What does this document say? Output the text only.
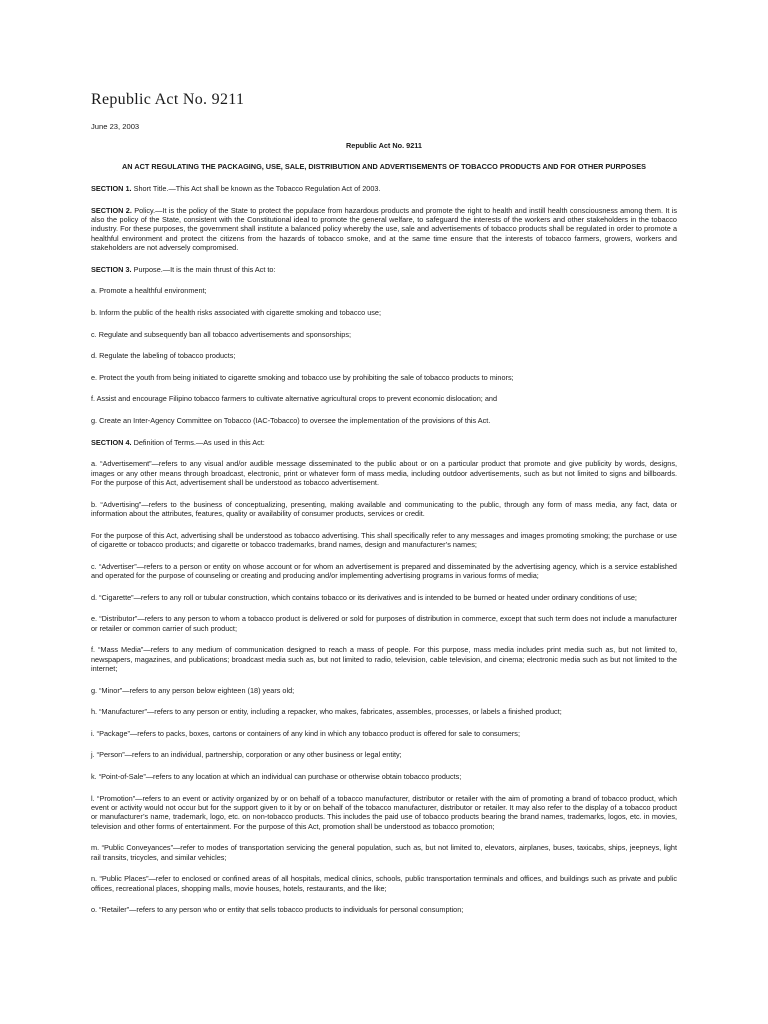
Republic Act No. 9211
June 23, 2003

Republic Act No. 9211

AN ACT REGULATING THE PACKAGING, USE, SALE, DISTRIBUTION AND ADVERTISEMENTS OF TOBACCO PRODUCTS AND FOR OTHER PURPOSES

SECTION 1. Short Title.—This Act shall be known as the Tobacco Regulation Act of 2003.

SECTION 2. Policy.—It is the policy of the State to protect the populace from hazardous products and promote the right to health and instill health consciousness among them. It is also the policy of the State, consistent with the Constitutional ideal to promote the general welfare, to safeguard the interests of the workers and other stakeholders in the tobacco industry. For these purposes, the government shall institute a balanced policy whereby the use, sale and advertisements of tobacco products shall be regulated in order to promote a healthful environment and protect the citizens from the hazards of tobacco smoke, and at the same time ensure that the interests of tobacco farmers, growers, workers and stakeholders are not adversely compromised.

SECTION 3. Purpose.—It is the main thrust of this Act to:

a. Promote a healthful environment;

b. Inform the public of the health risks associated with cigarette smoking and tobacco use;

c. Regulate and subsequently ban all tobacco advertisements and sponsorships;

d. Regulate the labeling of tobacco products;

e. Protect the youth from being initiated to cigarette smoking and tobacco use by prohibiting the sale of tobacco products to minors;

f. Assist and encourage Filipino tobacco farmers to cultivate alternative agricultural crops to prevent economic dislocation; and

g. Create an Inter-Agency Committee on Tobacco (IAC-Tobacco) to oversee the implementation of the provisions of this Act.

SECTION 4. Definition of Terms.—As used in this Act:

a. “Advertisement”—refers to any visual and/or audible message disseminated to the public about or on a particular product that promote and give publicity by words, designs, images or any other means through broadcast, electronic, print or whatever form of mass media, including outdoor advertisements, such as but not limited to signs and billboards. For the purpose of this Act, advertisement shall be understood as tobacco advertisement.

b. “Advertising”—refers to the business of conceptualizing, presenting, making available and communicating to the public, through any form of mass media, any fact, data or information about the attributes, features, quality or availability of consumer products, services or credit.

For the purpose of this Act, advertising shall be understood as tobacco advertising. This shall specifically refer to any messages and images promoting smoking; the purchase or use of cigarette or tobacco products; and cigarette or tobacco trademarks, brand names, design and manufacturer’s names;

c. “Advertiser”—refers to a person or entity on whose account or for whom an advertisement is prepared and disseminated by the advertising agency, which is a service established and operated for the purpose of counseling or creating and producing and/or implementing advertising programs in various forms of media;

d. “Cigarette”—refers to any roll or tubular construction, which contains tobacco or its derivatives and is intended to be burned or heated under ordinary conditions of use;

e. “Distributor”—refers to any person to whom a tobacco product is delivered or sold for purposes of distribution in commerce, except that such term does not include a manufacturer or retailer or common carrier of such product;

f. “Mass Media”—refers to any medium of communication designed to reach a mass of people. For this purpose, mass media includes print media such as, but not limited to, newspapers, magazines, and publications; broadcast media such as, but not limited to radio, television, cable television, and cinema; electronic media such as but not limited to the internet;

g. “Minor”—refers to any person below eighteen (18) years old;

h. “Manufacturer”—refers to any person or entity, including a repacker, who makes, fabricates, assembles, processes, or labels a finished product;

i. “Package”—refers to packs, boxes, cartons or containers of any kind in which any tobacco product is offered for sale to consumers;

j. “Person”—refers to an individual, partnership, corporation or any other business or legal entity;

k. “Point-of-Sale”—refers to any location at which an individual can purchase or otherwise obtain tobacco products;

l. “Promotion”—refers to an event or activity organized by or on behalf of a tobacco manufacturer, distributor or retailer with the aim of promoting a brand of tobacco product, which event or activity would not occur but for the support given to it by or on behalf of the tobacco manufacturer, distributor or retailer. It may also refer to the display of a tobacco product or manufacturer’s name, trademark, logo, etc. on non-tobacco products. This includes the paid use of tobacco products bearing the brand names, trademarks, logos, etc. in movies, television and other forms of entertainment. For the purpose of this Act, promotion shall be understood as tobacco promotion;

m. “Public Conveyances”—refer to modes of transportation servicing the general population, such as, but not limited to, elevators, airplanes, buses, taxicabs, ships, jeepneys, light rail transits, tricycles, and similar vehicles;

n. “Public Places”—refer to enclosed or confined areas of all hospitals, medical clinics, schools, public transportation terminals and offices, and buildings such as private and public offices, recreational places, shopping malls, movie houses, hotels, restaurants, and the like;

o. “Retailer”—refers to any person who or entity that sells tobacco products to individuals for personal consumption;
